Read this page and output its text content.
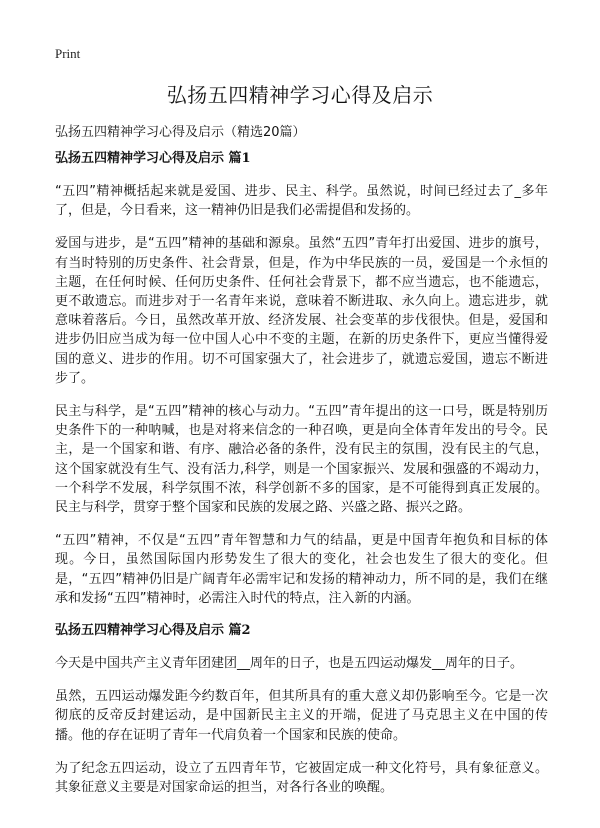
Print
弘扬五四精神学习心得及启示

弘扬五四精神学习心得及启示（精选20篇）

弘扬五四精神学习心得及启示 篇1

“五四”精神概括起来就是爱国、进步、民主、科学。虽然说，时间已经过去了_多年了，但是，今日看来，这一精神仍旧是我们必需提倡和发扬的。

爱国与进步，是“五四”精神的基础和源泉。虽然“五四”青年打出爱国、进步的旗号，有当时特别的历史条件、社会背景，但是，作为中华民族的一员，爱国是一个永恒的主题，在任何时候、任何历史条件、任何社会背景下，都不应当遗忘，也不能遗忘，更不敢遗忘。而进步对于一名青年来说，意味着不断进取、永久向上。遗忘进步，就意味着落后。今日，虽然改革开放、经济发展、社会变革的步伐很快。但是，爱国和进步仍旧应当成为每一位中国人心中不变的主题，在新的历史条件下，更应当懂得爱国的意义、进步的作用。切不可国家强大了，社会进步了，就遗忘爱国，遗忘不断进步了。

民主与科学，是“五四”精神的核心与动力。“五四”青年提出的这一口号，既是特别历史条件下的一种呐喊，也是对将来信念的一种召唤，更是向全体青年发出的号令。民主，是一个国家和谐、有序、融洽必备的条件，没有民主的氛围，没有民主的气息，这个国家就没有生气、没有活力,科学，则是一个国家振兴、发展和强盛的不竭动力，一个科学不发展，科学氛围不浓，科学创新不多的国家，是不可能得到真正发展的。民主与科学，贯穿于整个国家和民族的发展之路、兴盛之路、振兴之路。

“五四”精神，不仅是“五四”青年智慧和力气的结晶，更是中国青年抱负和目标的体现。今日，虽然国际国内形势发生了很大的变化，社会也发生了很大的变化。但是，“五四”精神仍旧是广阔青年必需牢记和发扬的精神动力，所不同的是，我们在继承和发扬“五四”精神时，必需注入时代的特点，注入新的内涵。

弘扬五四精神学习心得及启示 篇2

今天是中国共产主义青年团建团__周年的日子，也是五四运动爆发__周年的日子。

虽然，五四运动爆发距今约数百年，但其所具有的重大意义却仍影响至今。它是一次彻底的反帝反封建运动，是中国新民主主义的开端，促进了马克思主义在中国的传播。他的存在证明了青年一代肩负着一个国家和民族的使命。

为了纪念五四运动，设立了五四青年节，它被固定成一种文化符号，具有象征意义。其象征意义主要是对国家命运的担当，对各行各业的唤醒。
